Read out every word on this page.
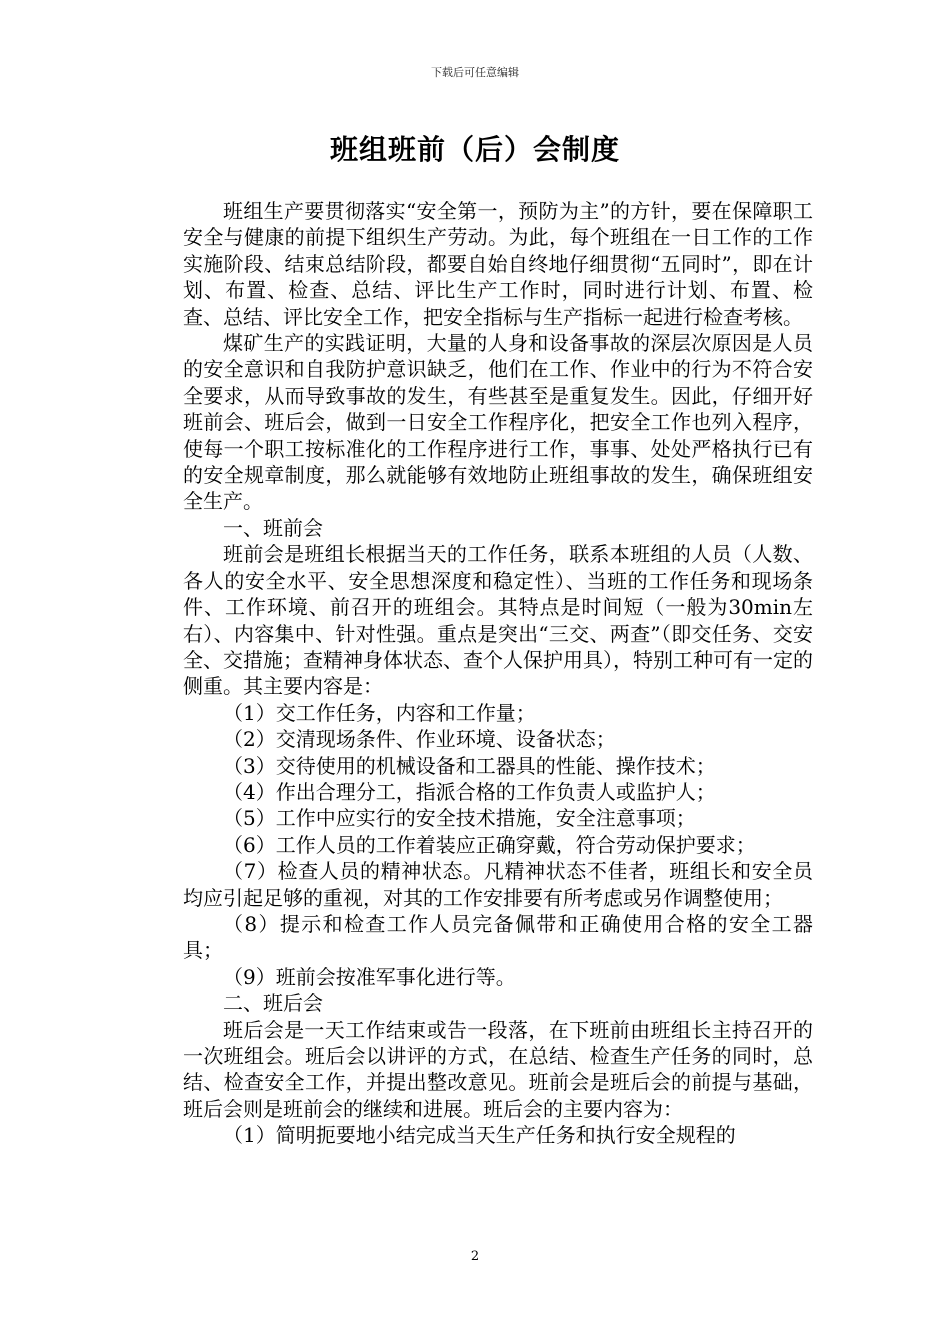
下载后可任意编辑
班组班前（后）会制度

班组生产要贯彻落实“安全第一，预防为主”的方针，要在保障职工安全与健康的前提下组织生产劳动。为此，每个班组在一日工作的工作实施阶段、结束总结阶段，都要自始自终地仔细贯彻“五同时”，即在计划、布置、检查、总结、评比生产工作时，同时进行计划、布置、检查、总结、评比安全工作，把安全指标与生产指标一起进行检查考核。

煤矿生产的实践证明，大量的人身和设备事故的深层次原因是人员的安全意识和自我防护意识缺乏，他们在工作、作业中的行为不符合安全要求，从而导致事故的发生，有些甚至是重复发生。因此，仔细开好班前会、班后会，做到一日安全工作程序化，把安全工作也列入程序，使每一个职工按标准化的工作程序进行工作，事事、处处严格执行已有的安全规章制度，那么就能够有效地防止班组事故的发生，确保班组安全生产。

一、班前会

班前会是班组长根据当天的工作任务，联系本班组的人员（人数、各人的安全水平、安全思想深度和稳定性）、当班的工作任务和现场条件、工作环境、前召开的班组会。其特点是时间短（一般为30min左右）、内容集中、针对性强。重点是突出“三交、两查”（即交任务、交安全、交措施；查精神身体状态、查个人保护用具），特别工种可有一定的侧重。其主要内容是：

（1）交工作任务，内容和工作量；

（2）交清现场条件、作业环境、设备状态；

（3）交待使用的机械设备和工器具的性能、操作技术；

（4）作出合理分工，指派合格的工作负责人或监护人；

（5）工作中应实行的安全技术措施，安全注意事项；

（6）工作人员的工作着装应正确穿戴，符合劳动保护要求；

（7）检查人员的精神状态。凡精神状态不佳者，班组长和安全员均应引起足够的重视，对其的工作安排要有所考虑或另作调整使用；

（8）提示和检查工作人员完备佩带和正确使用合格的安全工器具；

（9）班前会按准军事化进行等。

二、班后会

班后会是一天工作结束或告一段落，在下班前由班组长主持召开的一次班组会。班后会以讲评的方式，在总结、检查生产任务的同时，总结、检查安全工作，并提出整改意见。班前会是班后会的前提与基础，班后会则是班前会的继续和进展。班后会的主要内容为：

（1）简明扼要地小结完成当天生产任务和执行安全规程的

2
